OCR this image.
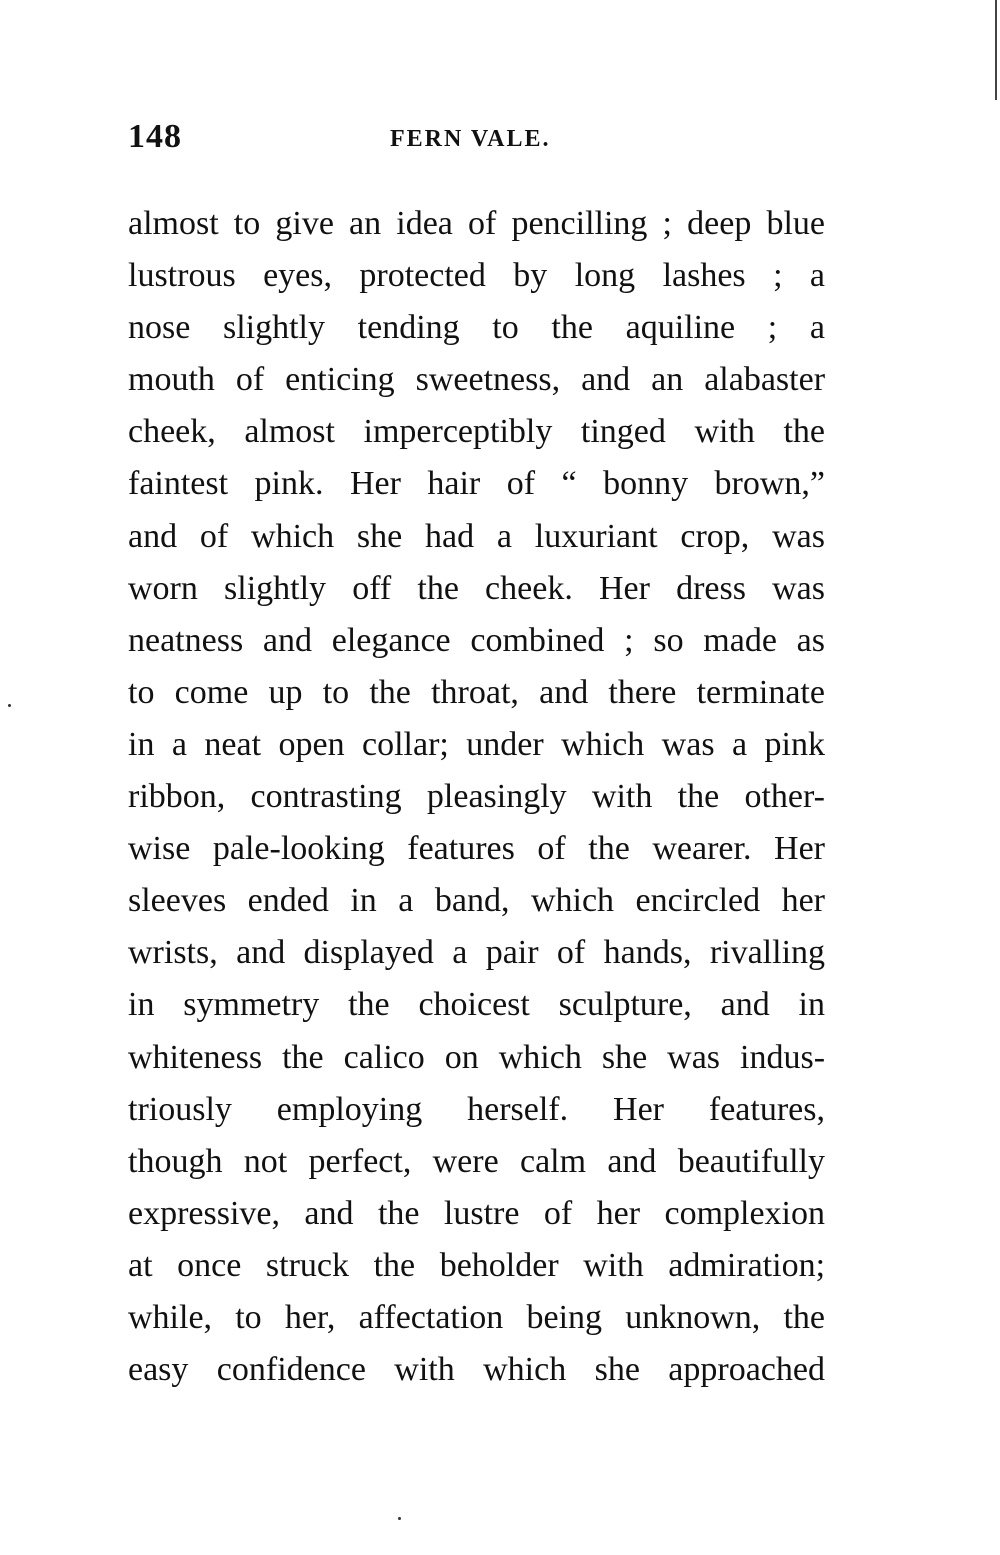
148	FERN VALE.
almost to give an idea of pencilling ; deep blue
lustrous eyes, protected by long lashes ; a
nose slightly tending to the aquiline ; a
mouth of enticing sweetness, and an alabaster
cheek, almost imperceptibly tinged with the
faintest pink. Her hair of “ bonny brown,”
and of which she had a luxuriant crop, was
worn slightly off the cheek. Her dress was
neatness and elegance combined ; so made as
to come up to the throat, and there terminate
in a neat open collar; under which was a pink
ribbon, contrasting pleasingly with the other-
wise pale-looking features of the wearer. Her
sleeves ended in a band, which encircled her
wrists, and displayed a pair of hands, rivalling
in symmetry the choicest sculpture, and in
whiteness the calico on which she was indus-
triously employing herself. Her features,
though not perfect, were calm and beautifully
expressive, and the lustre of her complexion
at once struck the beholder with admiration;
while, to her, affectation being unknown, the
easy confidence with which she approached
